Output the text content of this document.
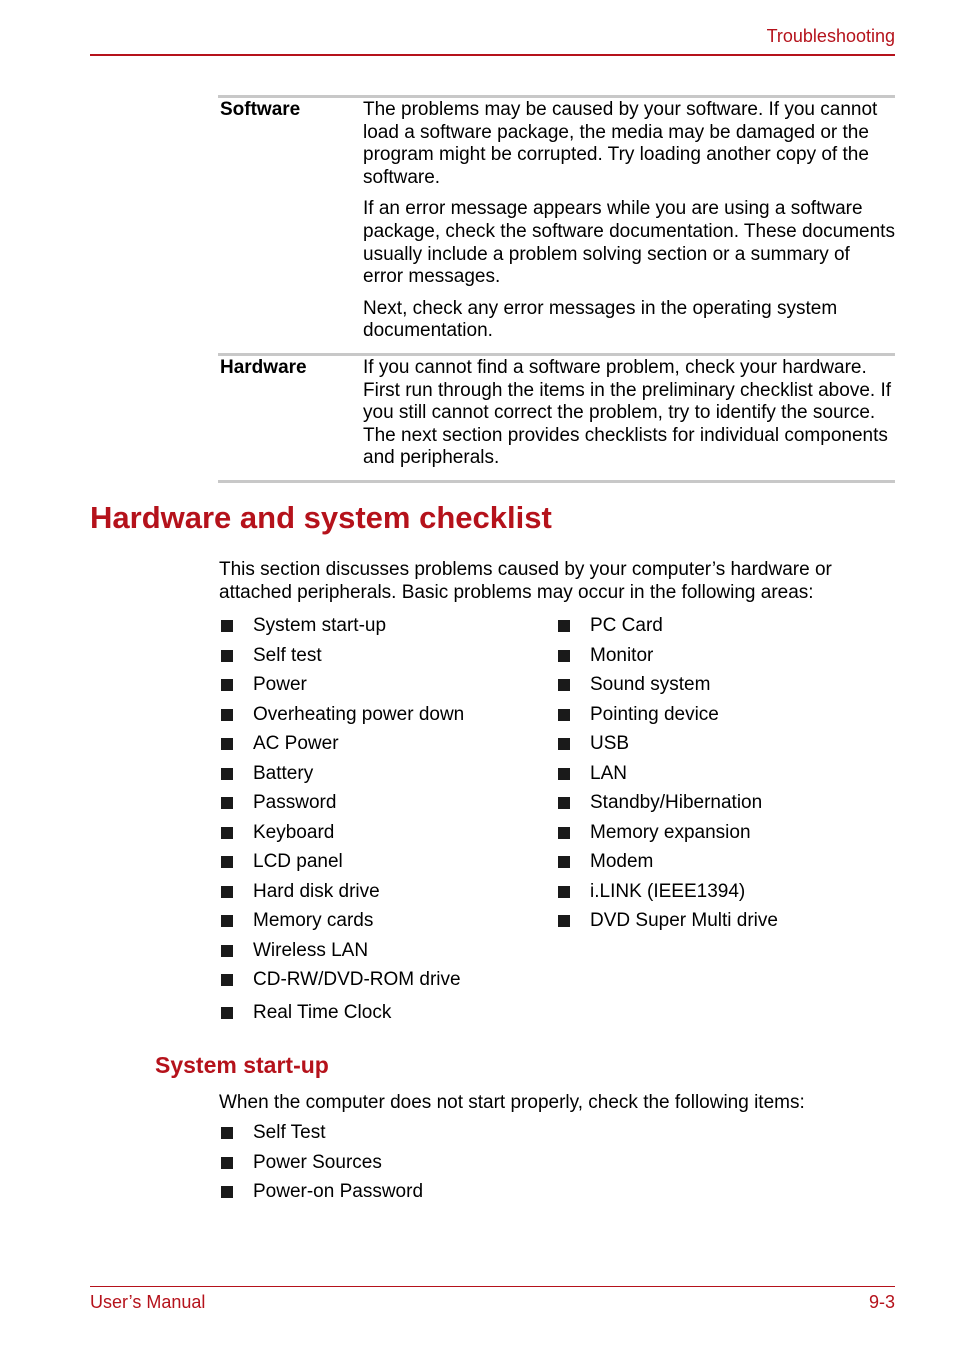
Troubleshooting
Software	The problems may be caused by your software. If you cannot load a software package, the media may be damaged or the program might be corrupted. Try loading another copy of the software.

If an error message appears while you are using a software package, check the software documentation. These documents usually include a problem solving section or a summary of error messages.

Next, check any error messages in the operating system documentation.

Hardware	If you cannot find a software problem, check your hardware. First run through the items in the preliminary checklist above. If you still cannot correct the problem, try to identify the source. The next section provides checklists for individual components and peripherals.

Hardware and system checklist

This section discusses problems caused by your computer’s hardware or attached peripherals. Basic problems may occur in the following areas:

System start-up
Self test
Power
Overheating power down
AC Power
Battery
Password
Keyboard
LCD panel
Hard disk drive
Memory cards
Wireless LAN
CD-RW/DVD-ROM drive
Real Time Clock
PC Card
Monitor
Sound system
Pointing device
USB
LAN
Standby/Hibernation
Memory expansion
Modem
i.LINK (IEEE1394)
DVD Super Multi drive
System start-up

When the computer does not start properly, check the following items:

Self Test
Power Sources
Power-on Password
User’s Manual	9-3
